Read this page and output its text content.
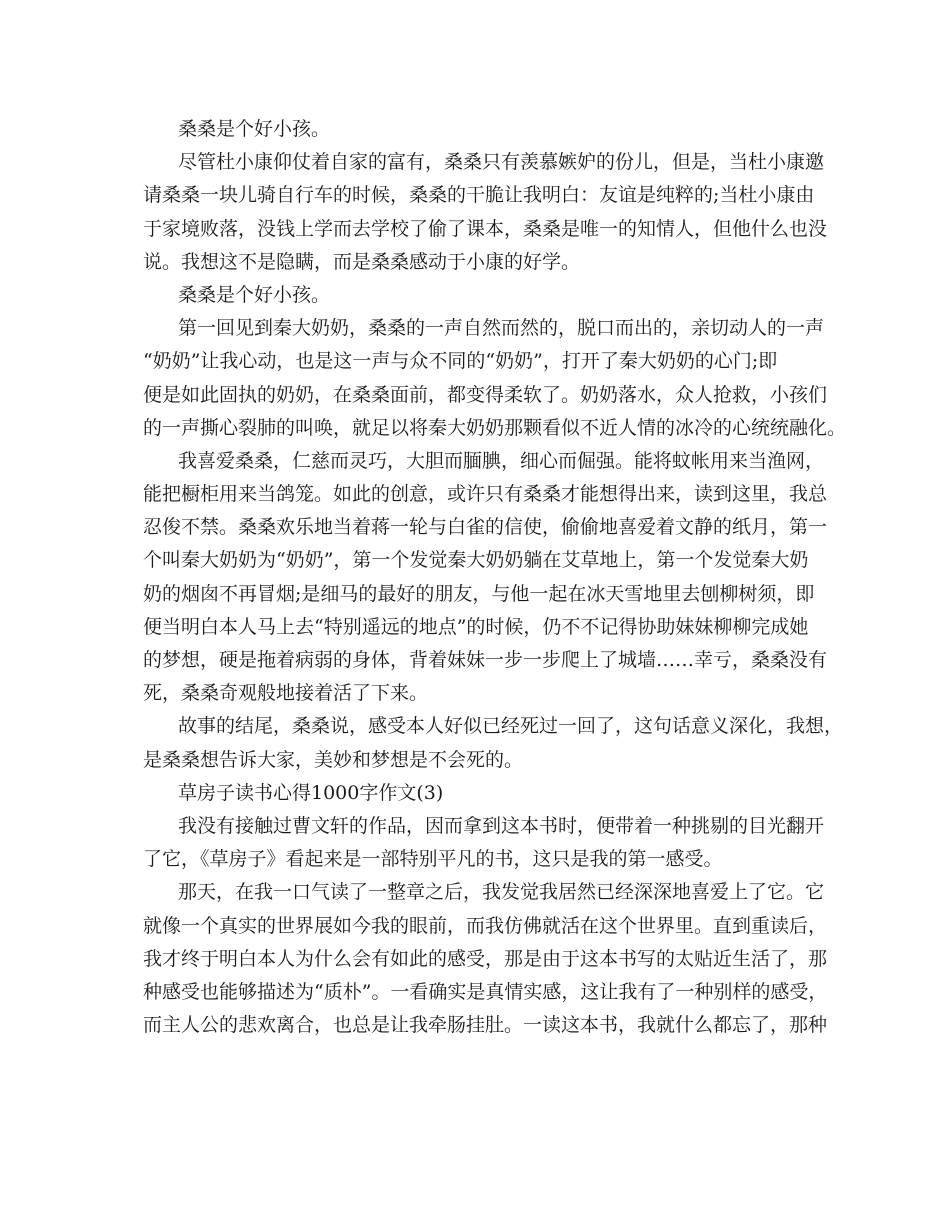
桑桑是个好小孩。
尽管杜小康仰仗着自家的富有，桑桑只有羡慕嫉妒的份儿，但是，当杜小康邀
请桑桑一块儿骑自行车的时候，桑桑的干脆让我明白：友谊是纯粹的;当杜小康由
于家境败落，没钱上学而去学校了偷了课本，桑桑是唯一的知情人，但他什么也没
说。我想这不是隐瞒，而是桑桑感动于小康的好学。
桑桑是个好小孩。
第一回见到秦大奶奶，桑桑的一声自然而然的，脱口而出的，亲切动人的一声
“奶奶”让我心动，也是这一声与众不同的“奶奶”，打开了秦大奶奶的心门;即
便是如此固执的奶奶，在桑桑面前，都变得柔软了。奶奶落水，众人抢救，小孩们
的一声撕心裂肺的叫唤，就足以将秦大奶奶那颗看似不近人情的冰冷的心统统融化。
我喜爱桑桑，仁慈而灵巧，大胆而腼腆，细心而倔强。能将蚊帐用来当渔网，
能把橱柜用来当鸽笼。如此的创意，或许只有桑桑才能想得出来，读到这里，我总
忍俊不禁。桑桑欢乐地当着蒋一轮与白雀的信使，偷偷地喜爱着文静的纸月，第一
个叫秦大奶奶为“奶奶”，第一个发觉秦大奶奶躺在艾草地上，第一个发觉秦大奶
奶的烟囱不再冒烟;是细马的最好的朋友，与他一起在冰天雪地里去刨柳树须，即
便当明白本人马上去“特别遥远的地点”的时候，仍不不记得协助妹妹柳柳完成她
的梦想，硬是拖着病弱的身体，背着妹妹一步一步爬上了城墙……幸亏，桑桑没有
死，桑桑奇观般地接着活了下来。
故事的结尾，桑桑说，感受本人好似已经死过一回了，这句话意义深化，我想，
是桑桑想告诉大家，美妙和梦想是不会死的。
草房子读书心得1000字作文(3)
我没有接触过曹文轩的作品，因而拿到这本书时，便带着一种挑剔的目光翻开
了它，《草房子》看起来是一部特别平凡的书，这只是我的第一感受。
那天，在我一口气读了一整章之后，我发觉我居然已经深深地喜爱上了它。它
就像一个真实的世界展如今我的眼前，而我仿佛就活在这个世界里。直到重读后，
我才终于明白本人为什么会有如此的感受，那是由于这本书写的太贴近生活了，那
种感受也能够描述为“质朴”。一看确实是真情实感，这让我有了一种别样的感受，
而主人公的悲欢离合，也总是让我牵肠挂肚。一读这本书，我就什么都忘了，那种
